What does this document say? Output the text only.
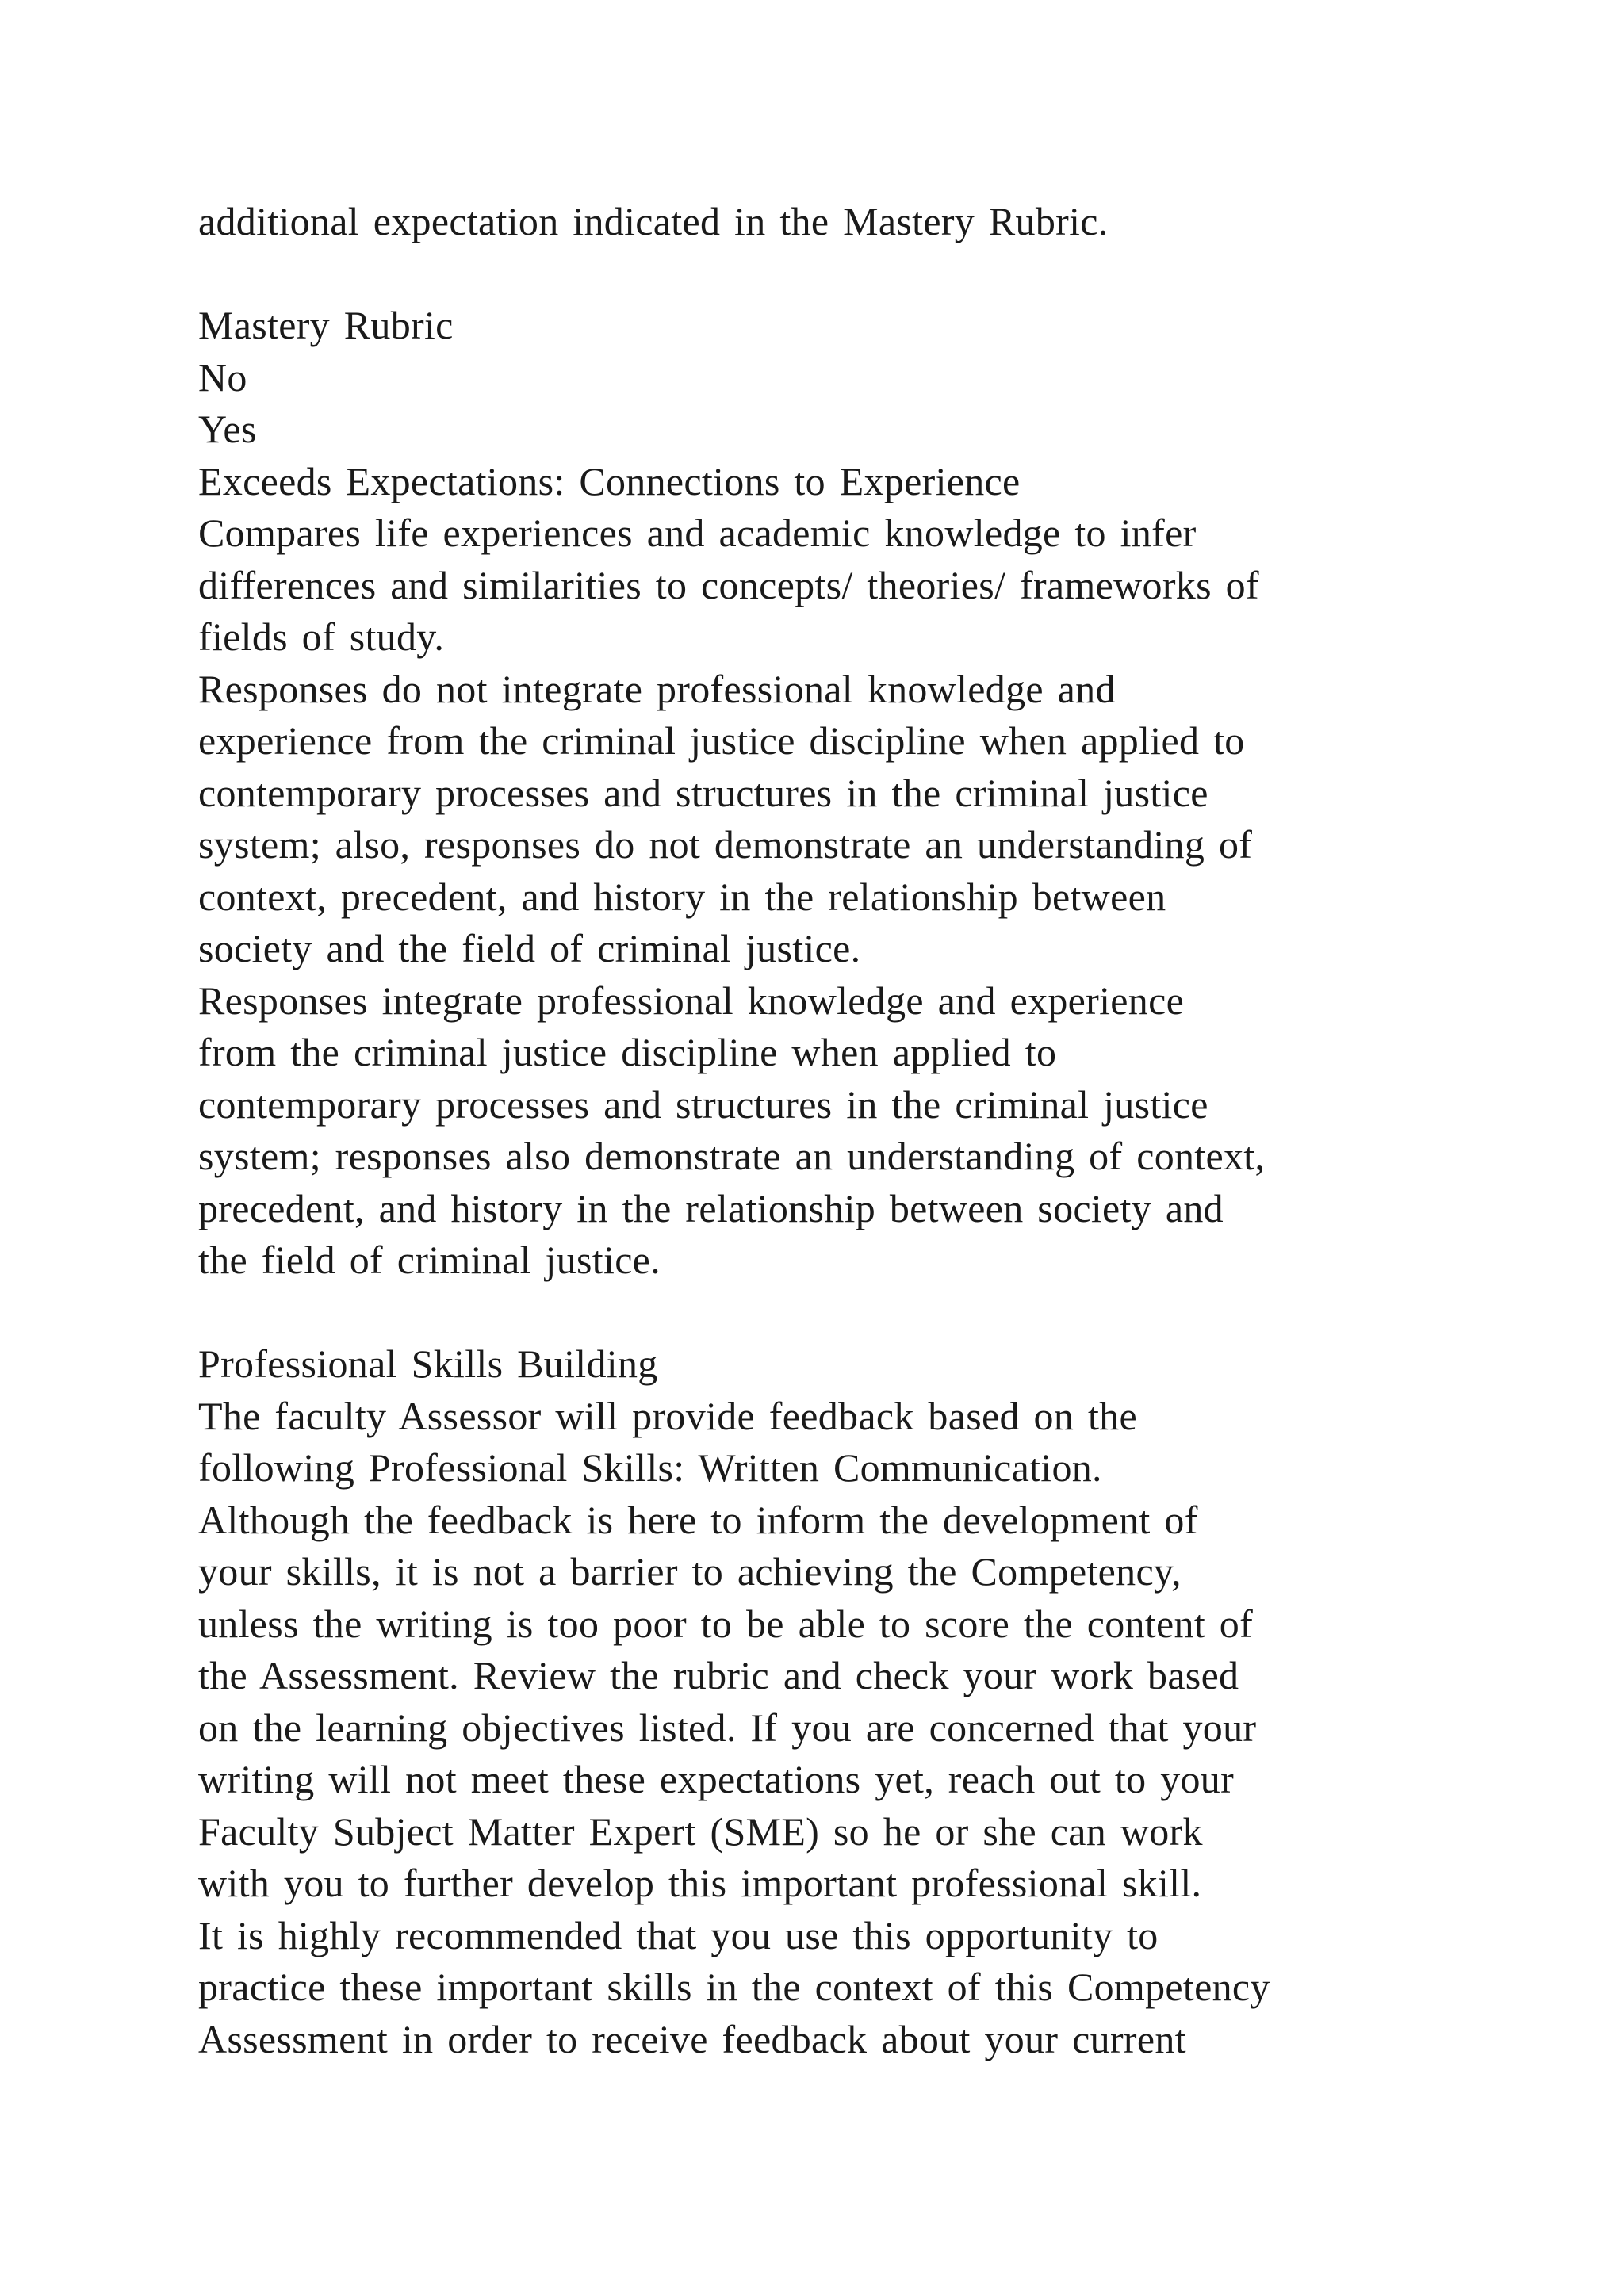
additional expectation indicated in the Mastery Rubric.
Mastery Rubric
No
Yes
Exceeds Expectations: Connections to Experience
Compares life experiences and academic knowledge to infer
differences and similarities to concepts/ theories/ frameworks of
fields of study.
Responses do not integrate professional knowledge and
experience from the criminal justice discipline when applied to
contemporary processes and structures in the criminal justice
system; also, responses do not demonstrate an understanding of
context, precedent, and history in the relationship between
society and the field of criminal justice.
Responses integrate professional knowledge and experience
from the criminal justice discipline when applied to
contemporary processes and structures in the criminal justice
system; responses also demonstrate an understanding of context,
precedent, and history in the relationship between society and
the field of criminal justice.
Professional Skills Building
The faculty Assessor will provide feedback based on the
following Professional Skills: Written Communication.
Although the feedback is here to inform the development of
your skills, it is not a barrier to achieving the Competency,
unless the writing is too poor to be able to score the content of
the Assessment. Review the rubric and check your work based
on the learning objectives listed. If you are concerned that your
writing will not meet these expectations yet, reach out to your
Faculty Subject Matter Expert (SME) so he or she can work
with you to further develop this important professional skill.
It is highly recommended that you use this opportunity to
practice these important skills in the context of this Competency
Assessment in order to receive feedback about your current
